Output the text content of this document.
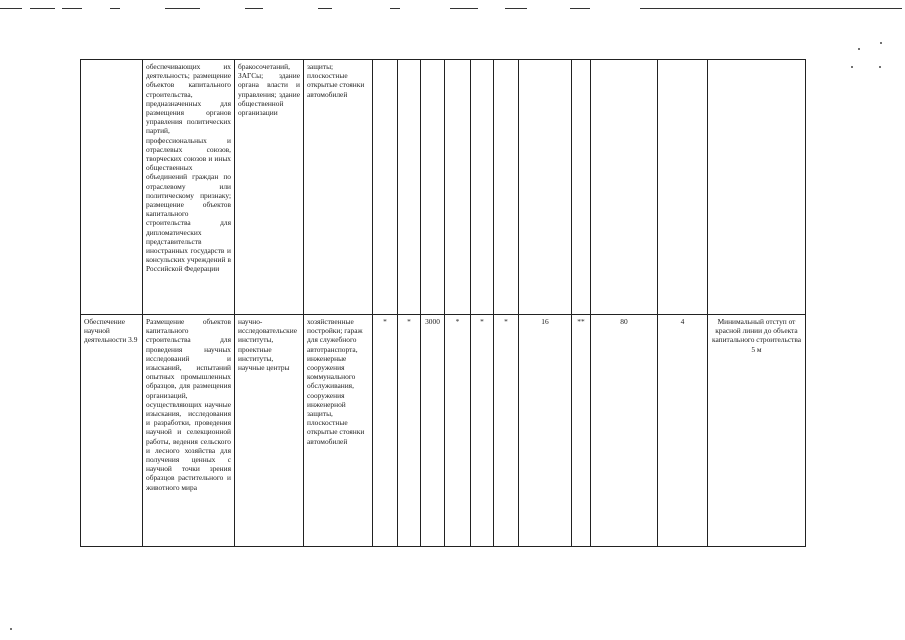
	обеспечивающих их деятельность; размещение объектов капитального строительства, предназначенных для размещения органов управления политических партий, профессиональных и отраслевых союзов, творческих союзов и иных общественных объединений граждан по отраслевому или политическому признаку; размещение объектов капитального строительства для дипломатических представительств иностранных государств и консульских учреждений в Российской Федерации	бракосочетаний, ЗАГСы; здание органа власти и управления; здание общественной организации	защиты; плоскостные открытые стоянки автомобилей											
Обеспечение научной деятельности 3.9	Размещение объектов капитального строительства для проведения научных исследований и изысканий, испытаний опытных промышленных образцов, для размещения организаций, осуществляющих научные изыскания, исследования и разработки, проведения научной и селекционной работы, ведения сельского и лесного хозяйства для получения ценных с научной точки зрения образцов растительного и животного мира	научно-исследовательские институты, проектные институты, научные центры	хозяйственные постройки; гараж для служебного автотранспорта, инженерные сооружения коммунального обслуживания, сооружения инженерной защиты, плоскостные открытые стоянки автомобилей	*	*	3000	*	*	*	16	**	80	4	Минимальный отступ от красной линии до объекта капитального строительства 5 м
